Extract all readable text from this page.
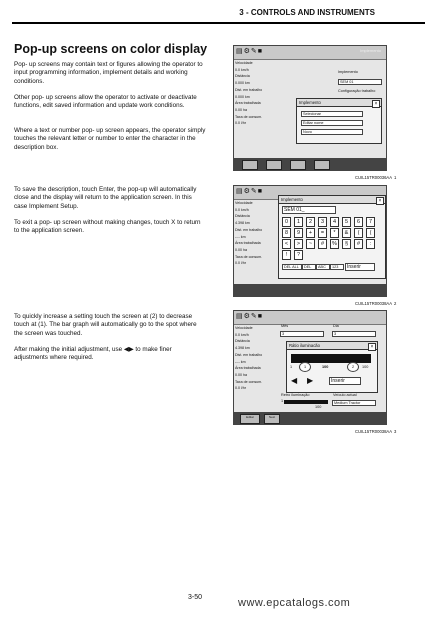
3 - CONTROLS AND INSTRUMENTS
Pop-up screens on color display
Pop- up screens may contain text or figures allowing the operator to input programming information, implement details and working conditions.
Other pop- up screens allow the operator to activate or deactivate functions, edit saved information and update work conditions.
Where a text or number pop- up screen appears, the operator simply touches the relevant letter or number to enter the character in the description box.
To save the description, touch Enter, the pop-up will automatically close and the display will return to the application screen. In this case Implement Setup.
To exit a pop- up screen without making changes, touch X to return to the application screen.
To quickly increase a setting touch the screen at (2) to decrease touch at (1). The bar graph will automatically go to the spot where the screen was touched.
After making the initial adjustment, use ◀▶ to make finer adjustments where required.
▤⚙✎■	Implemento
Velocidade
0.0 km/h
Distância
0.000 km
Dist. em trabalho
0.000 km
Área trabalhada
0.00 ha
Taxa de consum.
0.0 l/hr
Implemento
SEM 01
Configuração trabalho
Implemento	×
Selecionar
Editar nome
Novo
CUIL15TR00036AA 1
▤⚙✎■
Velocidade
0.0 km/h
Distância
4.398 km
Dist. em trabalho
---- km
Área trabalhada
0.00 ha
Taxa de consum.
0.0 l/hr
Implemento	×
SEM 01_
0	1	2	3	4	5	6	7
8	9	+	=	*	&	(	(
<	>	~	#	%	§	#	:
!	?
DEL ALL	DEL	ABC	123	Inserir
CUIL15TR00038AA 2
▤⚙✎■
Velocidade
0.0 km/h
Distância
4.398 km
Dist. em trabalho
---- km
Área trabalhada
0.00 ha
Taxa de consum.
0.0 l/hr
Mês
3
Dia
3
Rátio iluminacão	×
1	1	100	2	100
◀ ▶	Inserir
Retro iluminação
1
100
Veículo actual
Medium Tractor
Editar	Next
CUIL15TR00038AA 3
3-50	www.epcatalogs.com
